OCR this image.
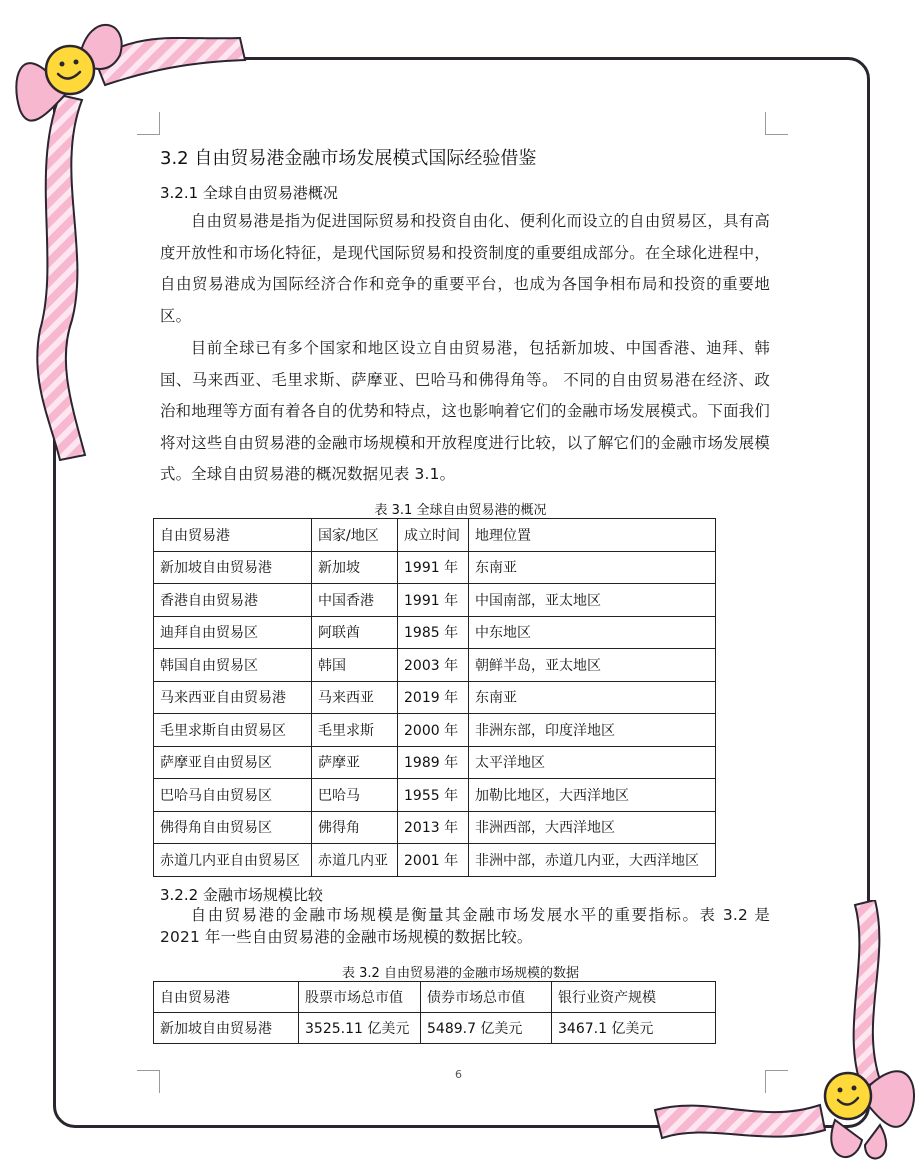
3.2 自由贸易港金融市场发展模式国际经验借鉴
3.2.1 全球自由贸易港概况
自由贸易港是指为促进国际贸易和投资自由化、便利化而设立的自由贸易区，具有高度开放性和市场化特征，是现代国际贸易和投资制度的重要组成部分。在全球化进程中，自由贸易港成为国际经济合作和竞争的重要平台，也成为各国争相布局和投资的重要地区。
目前全球已有多个国家和地区设立自由贸易港，包括新加坡、中国香港、迪拜、韩国、马来西亚、毛里求斯、萨摩亚、巴哈马和佛得角等。 不同的自由贸易港在经济、政治和地理等方面有着各自的优势和特点，这也影响着它们的金融市场发展模式。下面我们将对这些自由贸易港的金融市场规模和开放程度进行比较，以了解它们的金融市场发展模式。全球自由贸易港的概况数据见表 3.1。
表 3.1 全球自由贸易港的概况
自由贸易港	国家/地区	成立时间	地理位置
新加坡自由贸易港	新加坡	1991 年	东南亚
香港自由贸易港	中国香港	1991 年	中国南部，亚太地区
迪拜自由贸易区	阿联酋	1985 年	中东地区
韩国自由贸易区	韩国	2003 年	朝鲜半岛，亚太地区
马来西亚自由贸易港	马来西亚	2019 年	东南亚
毛里求斯自由贸易区	毛里求斯	2000 年	非洲东部，印度洋地区
萨摩亚自由贸易区	萨摩亚	1989 年	太平洋地区
巴哈马自由贸易区	巴哈马	1955 年	加勒比地区，大西洋地区
佛得角自由贸易区	佛得角	2013 年	非洲西部，大西洋地区
赤道几内亚自由贸易区	赤道几内亚	2001 年	非洲中部，赤道几内亚，大西洋地区
3.2.2 金融市场规模比较
自由贸易港的金融市场规模是衡量其金融市场发展水平的重要指标。表 3.2 是 2021 年一些自由贸易港的金融市场规模的数据比较。
表 3.2 自由贸易港的金融市场规模的数据
自由贸易港	股票市场总市值	债券市场总市值	银行业资产规模
新加坡自由贸易港	3525.11 亿美元	5489.7 亿美元	3467.1 亿美元
6
